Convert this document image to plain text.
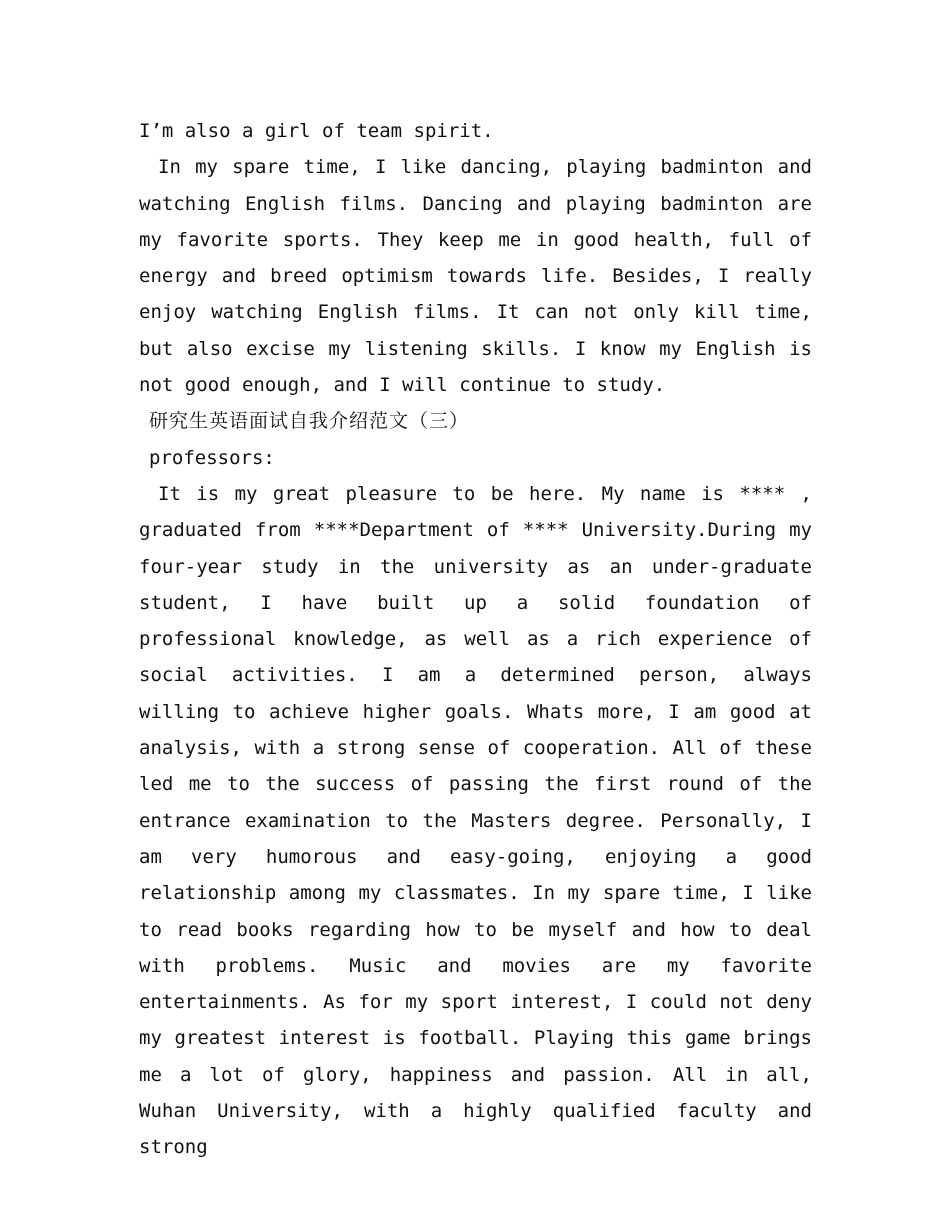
I’m also a girl of team spirit.

In my spare time, I like dancing, playing badminton and watching English films. Dancing and playing badminton are my favorite sports. They keep me in good health, full of energy and breed optimism towards life. Besides, I really enjoy watching English films. It can not only kill time, but also excise my listening skills. I know my English is not good enough, and I will continue to study.

研究生英语面试自我介绍范文（三）

professors:

It is my great pleasure to be here. My name is **** , graduated from ****Department of **** University.During my four-year study in the university as an under-graduate student, I have built up a solid foundation of professional knowledge, as well as a rich experience of social activities. I am a determined person, always willing to achieve higher goals. Whats more, I am good at analysis, with a strong sense of cooperation. All of these led me to the success of passing the first round of the entrance examination to the Masters degree. Personally, I am very humorous and easy-going, enjoying a good relationship among my classmates. In my spare time, I like to read books regarding how to be myself and how to deal with problems. Music and movies are my favorite entertainments. As for my sport interest, I could not deny my greatest interest is football. Playing this game brings me a lot of glory, happiness and passion. All in all, Wuhan University, with a highly qualified faculty and strong
